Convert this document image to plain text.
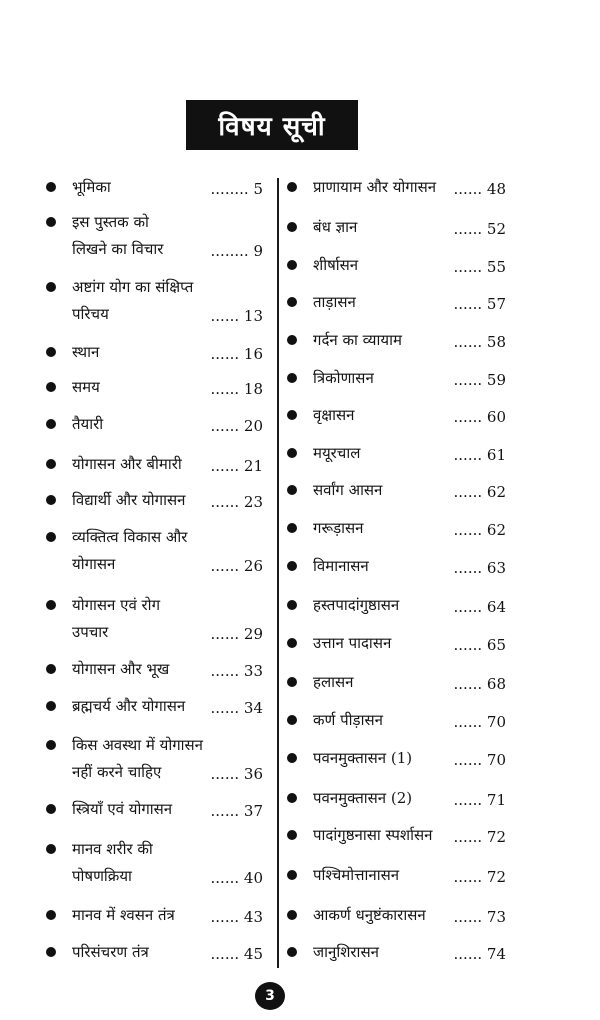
विषय सूची
भूमिका	........ 5
इस पुस्तक को
लिखने का विचार	........ 9
अष्टांग योग का संक्षिप्त
परिचय	...... 13
स्थान	...... 16
समय	...... 18
तैयारी	...... 20
योगासन और बीमारी ...... 21
विद्यार्थी और योगासन ...... 23
व्यक्तित्व विकास और
योगासन	...... 26
योगासन एवं रोग
उपचार	...... 29
योगासन और भूख	...... 33
ब्रह्मचर्य और योगासन ...... 34
किस अवस्था में योगासन
नहीं करने चाहिए	...... 36
स्त्रियाँ एवं योगासन	...... 37
मानव शरीर की
पोषणक्रिया	...... 40
मानव में श्वसन तंत्र ...... 43
परिसंचरण तंत्र	...... 45
प्राणायाम और योगासन ...... 48
बंध ज्ञान	...... 52
शीर्षासन	...... 55
ताड़ासन	...... 57
गर्दन का व्यायाम	...... 58
त्रिकोणासन	...... 59
वृक्षासन	...... 60
मयूरचाल	...... 61
सर्वांग आसन	...... 62
गरूड़ासन	...... 62
विमानासन	...... 63
हस्तपादांगुष्ठासन	...... 64
उत्तान पादासन	...... 65
हलासन	...... 68
कर्ण पीड़ासन	...... 70
पवनमुक्तासन (1)	...... 70
पवनमुक्तासन (2)	...... 71
पादांगुष्ठनासा स्पर्शासन ...... 72
पश्चिमोत्तानासन	...... 72
आकर्ण धनुष्टंकारासन ...... 73
जानुशिरासन	...... 74
3
